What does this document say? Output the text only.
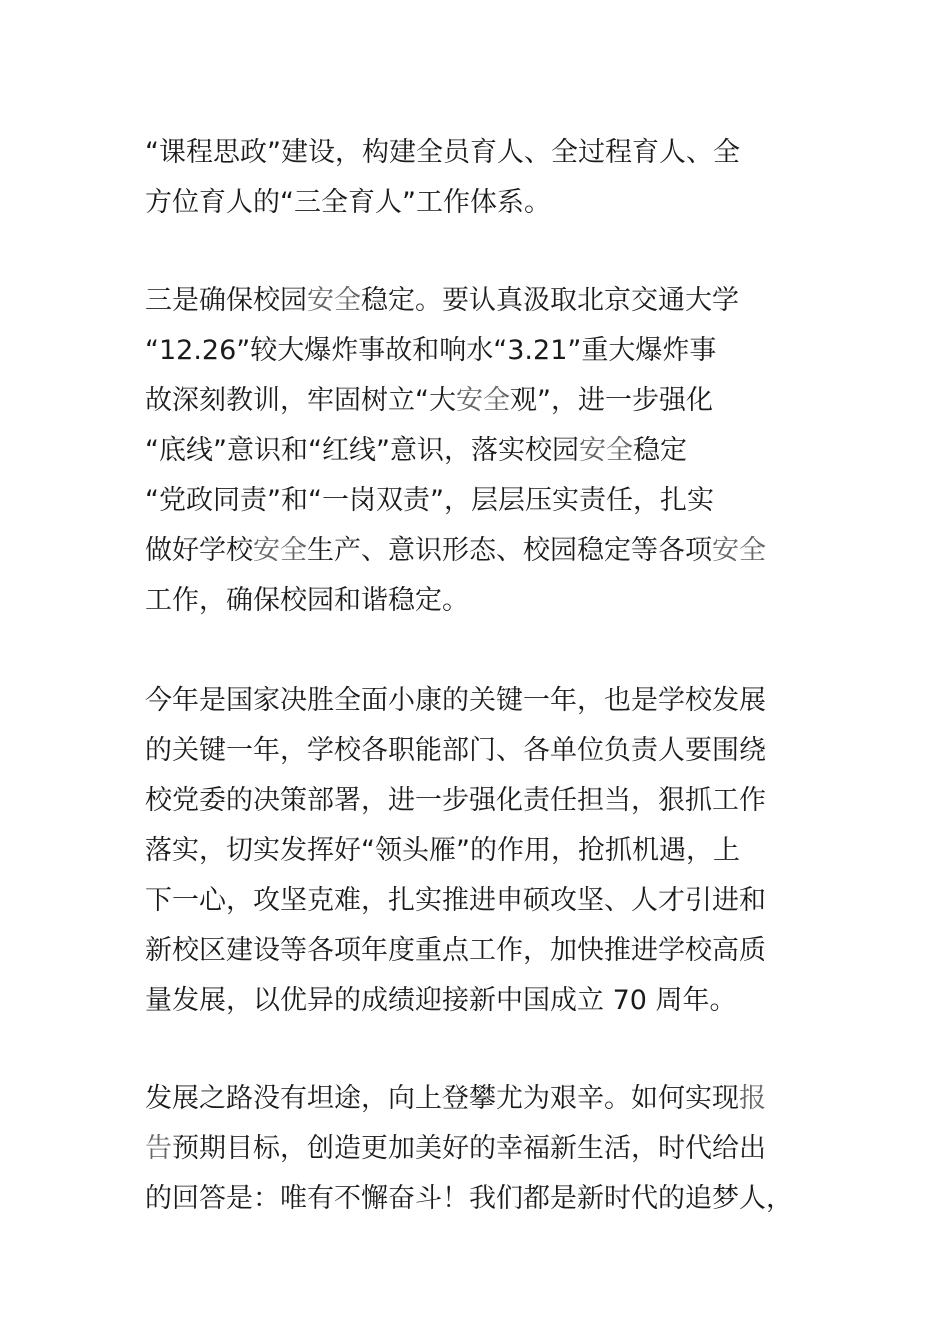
“课程思政”建设，构建全员育人、全过程育人、全
方位育人的“三全育人”工作体系。
三是确保校园安全稳定。要认真汲取北京交通大学
“12.26”较大爆炸事故和响水“3.21”重大爆炸事
故深刻教训，牢固树立“大安全观”，进一步强化
“底线”意识和“红线”意识，落实校园安全稳定
“党政同责”和“一岗双责”，层层压实责任，扎实
做好学校安全生产、意识形态、校园稳定等各项安全
工作，确保校园和谐稳定。
今年是国家决胜全面小康的关键一年，也是学校发展
的关键一年，学校各职能部门、各单位负责人要围绕
校党委的决策部署，进一步强化责任担当，狠抓工作
落实，切实发挥好“领头雁”的作用，抢抓机遇，上
下一心，攻坚克难，扎实推进申硕攻坚、人才引进和
新校区建设等各项年度重点工作，加快推进学校高质
量发展，以优异的成绩迎接新中国成立 70 周年。
发展之路没有坦途，向上登攀尤为艰辛。如何实现报
告预期目标，创造更加美好的幸福新生活，时代给出
的回答是：唯有不懈奋斗！我们都是新时代的追梦人，
